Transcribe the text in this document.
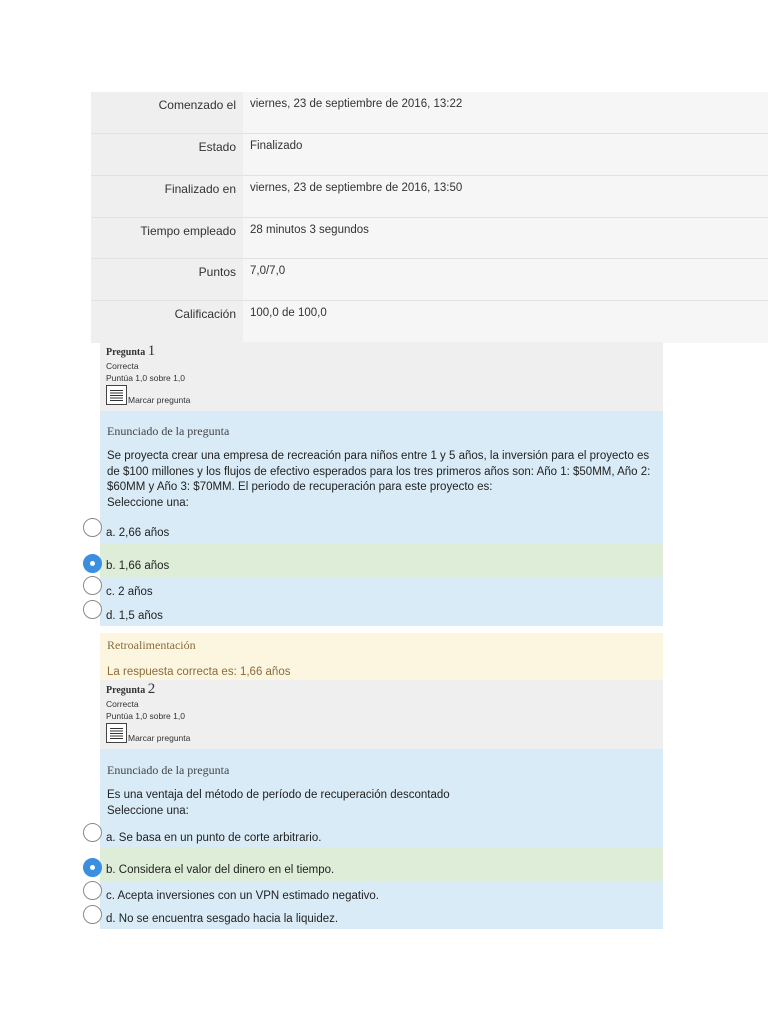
Comenzado el	viernes, 23 de septiembre de 2016, 13:22
Estado	Finalizado
Finalizado en	viernes, 23 de septiembre de 2016, 13:50
Tiempo empleado	28 minutos 3 segundos
Puntos	7,0/7,0
Calificación	100,0 de 100,0
Pregunta 1
Correcta
Puntúa 1,0 sobre 1,0
Marcar pregunta
Enunciado de la pregunta
Se proyecta crear una empresa de recreación para niños entre 1 y 5 años, la inversión para el proyecto es de $100 millones y los flujos de efectivo esperados para los tres primeros años son: Año 1: $50MM, Año 2: $60MM y Año 3: $70MM. El periodo de recuperación para este proyecto es:
Seleccione una:
a. 2,66 años
b. 1,66 años
c. 2 años
d. 1,5 años
Retroalimentación
La respuesta correcta es: 1,66 años
Pregunta 2
Correcta
Puntúa 1,0 sobre 1,0
Marcar pregunta
Enunciado de la pregunta
Es una ventaja del método de período de recuperación descontado
Seleccione una:
a. Se basa en un punto de corte arbitrario.
b. Considera el valor del dinero en el tiempo.
c. Acepta inversiones con un VPN estimado negativo.
d. No se encuentra sesgado hacia la liquidez.
